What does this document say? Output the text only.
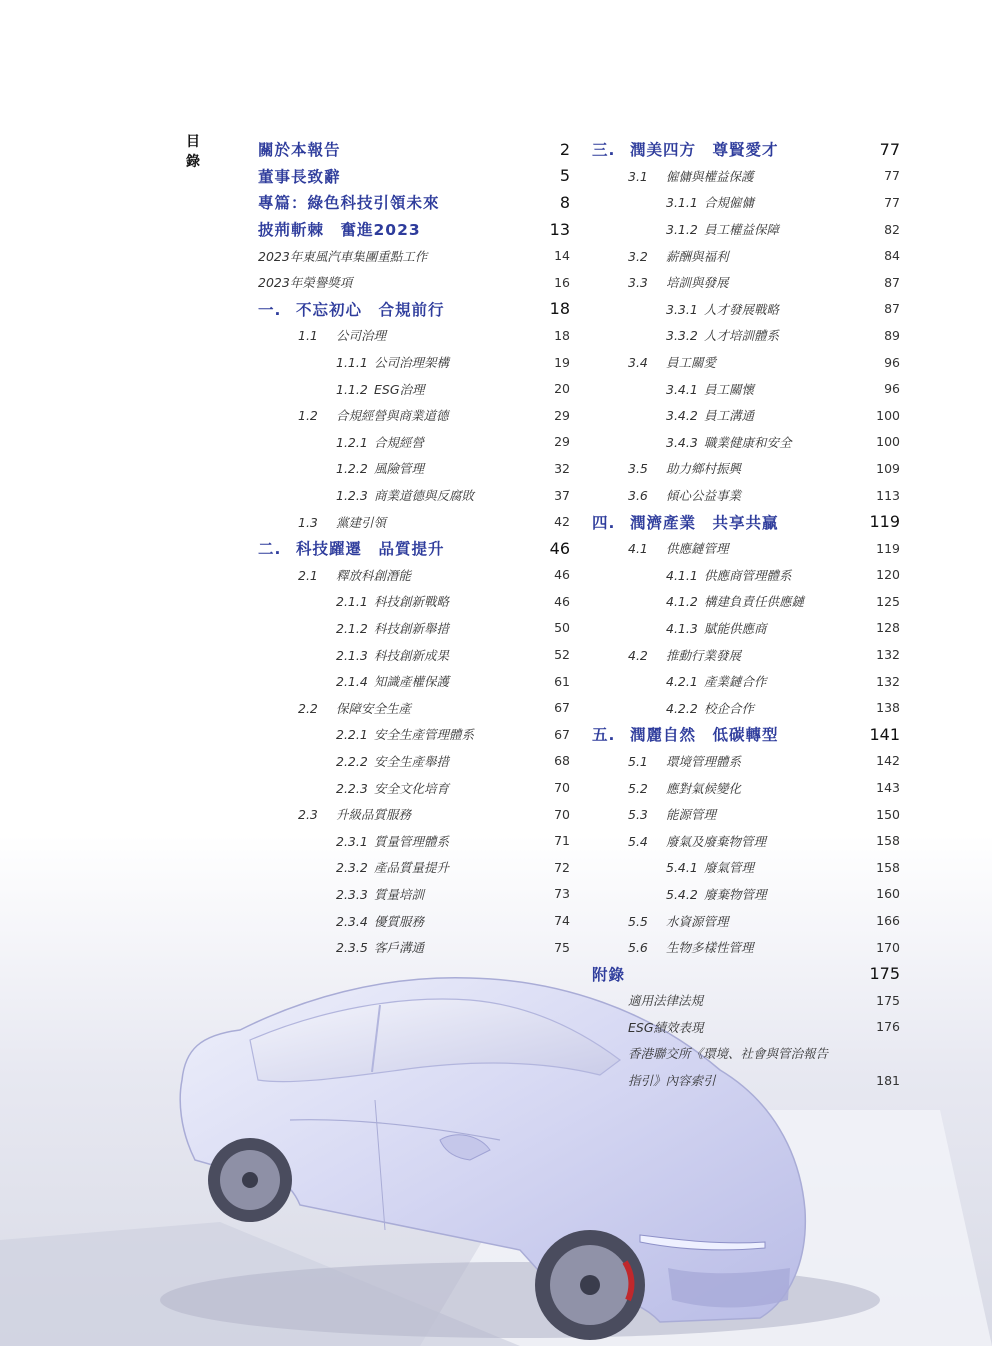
目
錄
關於本報告	2
董事長致辭	5
專篇：綠色科技引領未來	8
披荊斬棘　奮進2023	13
2023年東風汽車集團重點工作	14
2023年榮譽獎項	16
一. 不忘初心　合規前行	18
1.1 公司治理	18
1.1.1 公司治理架構	19
1.1.2 ESG治理	20
1.2 合規經營與商業道德	29
1.2.1 合規經營	29
1.2.2 風險管理	32
1.2.3 商業道德與反腐敗	37
1.3 黨建引領	42
二. 科技躍遷　品質提升	46
2.1 釋放科創潛能	46
2.1.1 科技創新戰略	46
2.1.2 科技創新舉措	50
2.1.3 科技創新成果	52
2.1.4 知識產權保護	61
2.2 保障安全生產	67
2.2.1 安全生產管理體系	67
2.2.2 安全生產舉措	68
2.2.3 安全文化培育	70
2.3 升級品質服務	70
2.3.1 質量管理體系	71
2.3.2 產品質量提升	72
2.3.3 質量培訓	73
2.3.4 優質服務	74
2.3.5 客戶溝通	75
三. 潤美四方　尊賢愛才	77
3.1 僱傭與權益保護	77
3.1.1 合規僱傭	77
3.1.2 員工權益保障	82
3.2 薪酬與福利	84
3.3 培訓與發展	87
3.3.1 人才發展戰略	87
3.3.2 人才培訓體系	89
3.4 員工關愛	96
3.4.1 員工關懷	96
3.4.2 員工溝通	100
3.4.3 職業健康和安全	100
3.5 助力鄉村振興	109
3.6 傾心公益事業	113
四. 潤濟產業　共享共贏	119
4.1 供應鏈管理	119
4.1.1 供應商管理體系	120
4.1.2 構建負責任供應鏈	125
4.1.3 賦能供應商	128
4.2 推動行業發展	132
4.2.1 產業鏈合作	132
4.2.2 校企合作	138
五. 潤麗自然　低碳轉型	141
5.1 環境管理體系	142
5.2 應對氣候變化	143
5.3 能源管理	150
5.4 廢氣及廢棄物管理	158
5.4.1 廢氣管理	158
5.4.2 廢棄物管理	160
5.5 水資源管理	166
5.6 生物多樣性管理	170
附錄	175
適用法律法規	175
ESG績效表現	176
香港聯交所《環境、社會與管治報告
指引》內容索引	181
